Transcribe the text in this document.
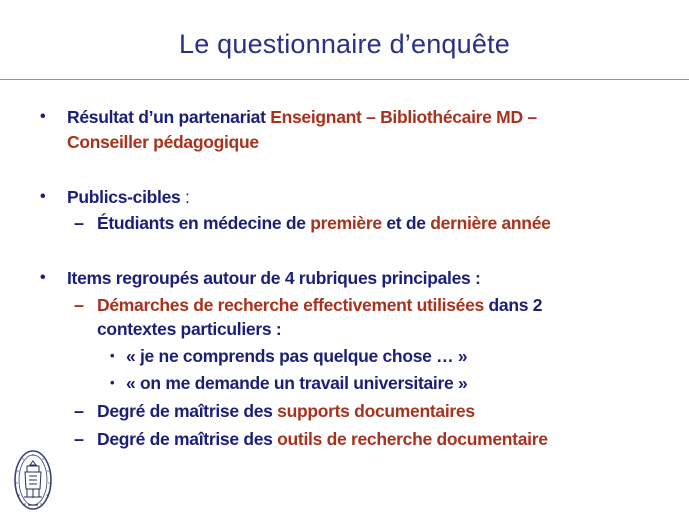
Le questionnaire d’enquête
• Résultat d’un partenariat Enseignant – Bibliothécaire MD –
Conseiller pédagogique
• Publics-cibles :
– Étudiants en médecine de première et de dernière année
• Items regroupés autour de 4 rubriques principales :
– Démarches de recherche effectivement utilisées dans 2
contextes particuliers :
• « je ne comprends pas quelque chose … »
• « on me demande un travail universitaire »
– Degré de maîtrise des supports documentaires
– Degré de maîtrise des outils de recherche documentaire
